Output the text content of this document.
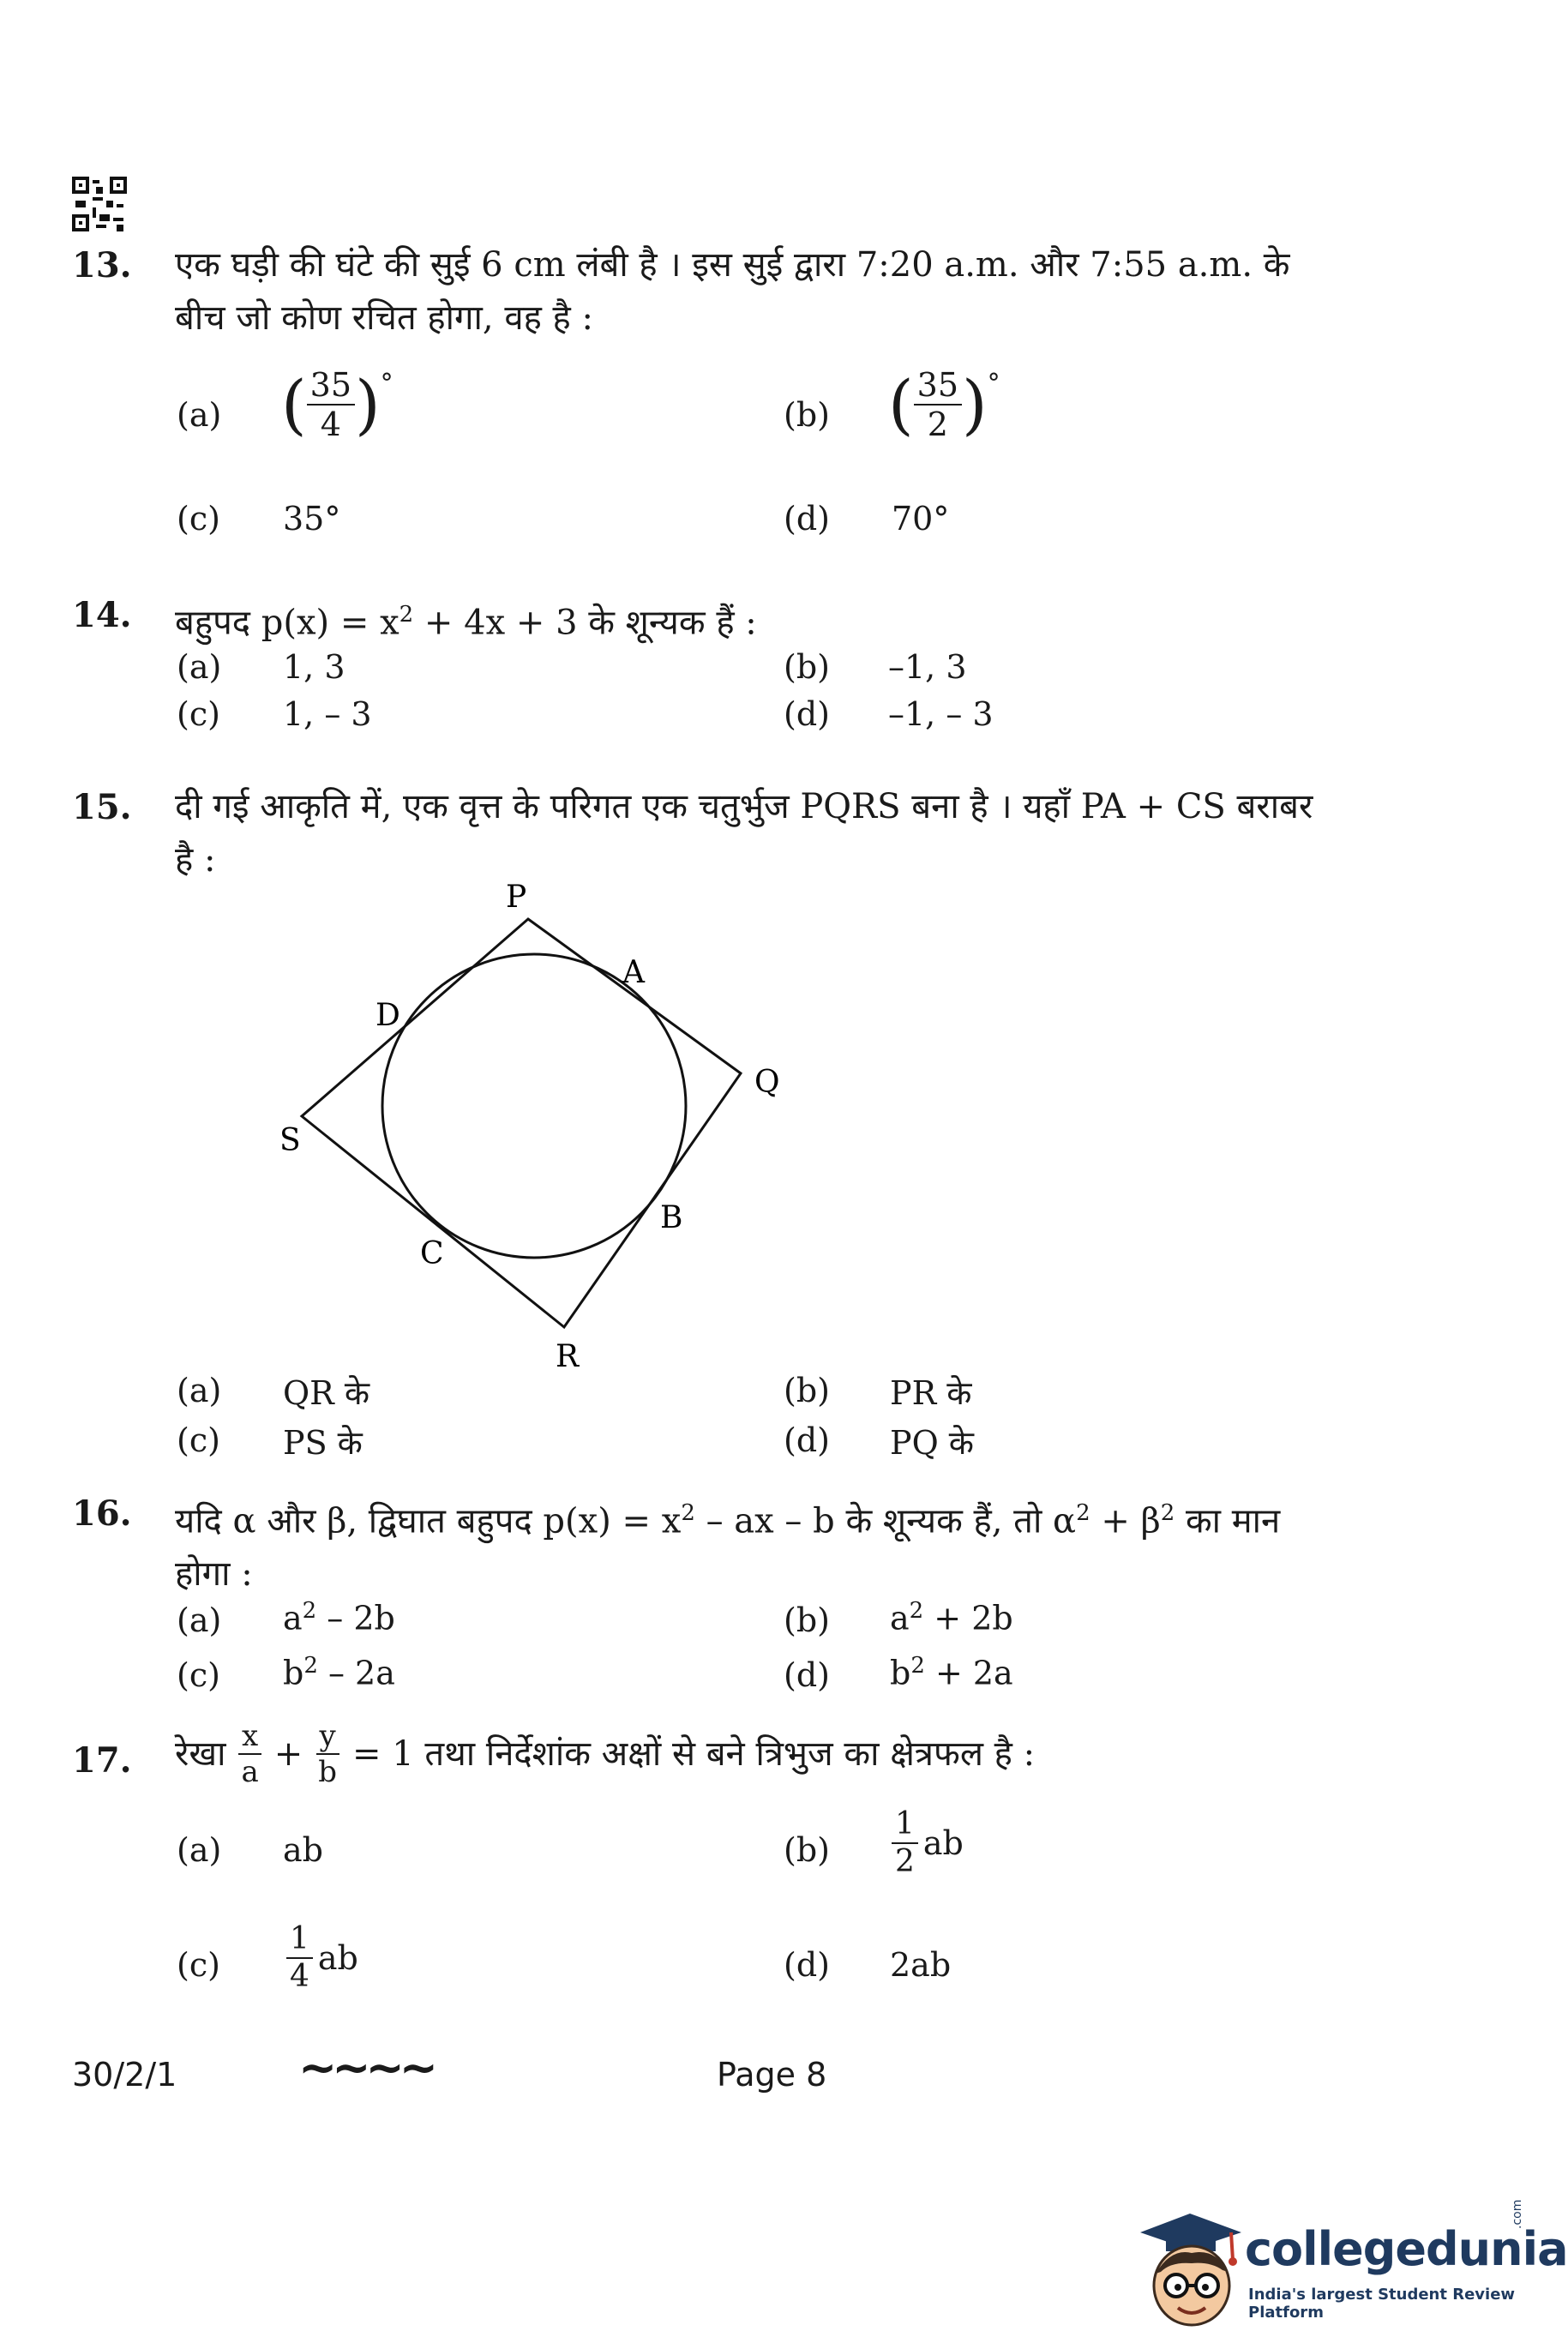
13. एक घड़ी की घंटे की सुई 6 cm लंबी है । इस सुई द्वारा 7:20 a.m. और 7:55 a.m. के
बीच जो कोण रचित होगा, वह है :
(a) ( $\frac{35}{4} )^\circ$
(b) ( $\frac{35}{2} )^\circ$
(c) 35°	(d) 70°
14. बहुपद $p(x) = x^2 + 4x + 3$ के शून्यक हैं :
(a) 1, 3	(b) –1, 3
(c) 1, – 3	(d) –1, – 3
15. दी गई आकृति में, एक वृत्त के परिगत एक चतुर्भुज PQRS बना है । यहाँ PA + CS बराबर
है :
P
A
D
Q
S
B
C
R
(a) QR के	(b) PR के
(c) PS के	(d) PQ के
16. यदि α और β, द्विघात बहुपद $p(x) = x^2$ – ax – b के शून्यक हैं, तो $\alpha^2 + \beta^2$ का मान
होगा :
(a) $a^2 - 2b$	(b) $a^2 + 2b$
(c) $b^2 - 2a$	(d) $b^2 + 2a$
17. रेखा $\frac{x}{a} + \frac{y}{b} = 1$ तथा निर्देशांक अक्षों से बने त्रिभुज का क्षेत्रफल है :
(a) ab	$(b) \frac{1}{2}$ ab
$(c) \frac{1}{4}$ ab	(d) 2ab
30/2/1	~~~~	Page 8
collegedunia
.com
India's largest Student Review Platform
